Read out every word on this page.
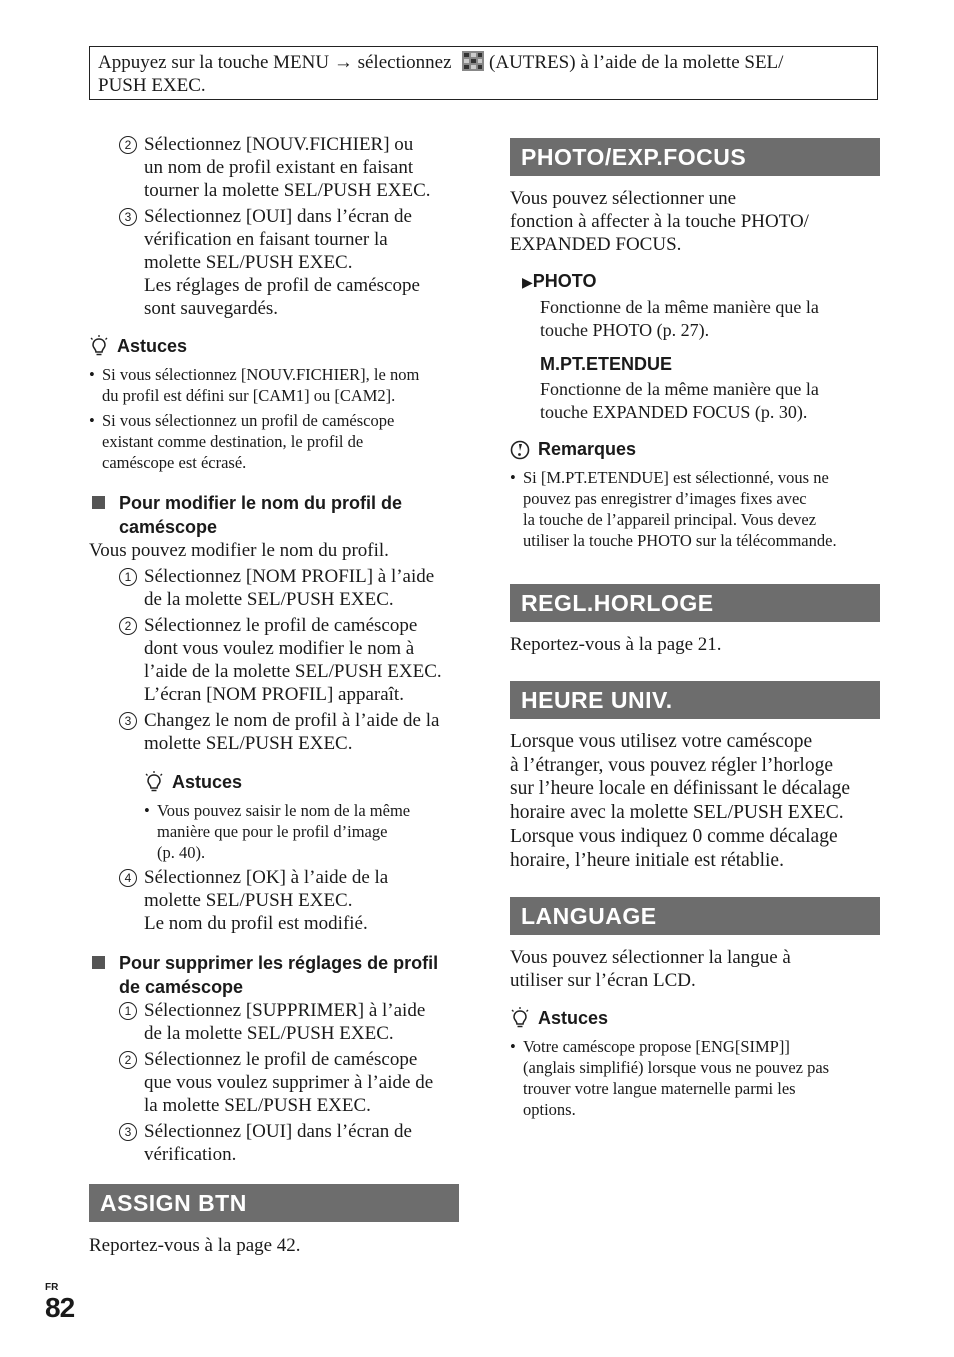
Appuyez sur la touche MENU → sélectionnez (AUTRES) à l’aide de la molette SEL/
PUSH EXEC.
2 Sélectionnez [NOUV.FICHIER] ou
un nom de profil existant en faisant
tourner la molette SEL/PUSH EXEC.
3 Sélectionnez [OUI] dans l’écran de
vérification en faisant tourner la
molette SEL/PUSH EXEC.
Les réglages de profil de caméscope
sont sauvegardés.
Astuces
• Si vous sélectionnez [NOUV.FICHIER], le nom
du profil est défini sur [CAM1] ou [CAM2].
• Si vous sélectionnez un profil de caméscope
existant comme destination, le profil de
caméscope est écrasé.
Pour modifier le nom du profil de
caméscope
Vous pouvez modifier le nom du profil.
1 Sélectionnez [NOM PROFIL] à l’aide
de la molette SEL/PUSH EXEC.
2 Sélectionnez le profil de caméscope
dont vous voulez modifier le nom à
l’aide de la molette SEL/PUSH EXEC.
L’écran [NOM PROFIL] apparaît.
3 Changez le nom de profil à l’aide de la
molette SEL/PUSH EXEC.
Astuces
• Vous pouvez saisir le nom de la même
manière que pour le profil d’image
(p. 40).
4 Sélectionnez [OK] à l’aide de la
molette SEL/PUSH EXEC.
Le nom du profil est modifié.
Pour supprimer les réglages de profil
de caméscope
1 Sélectionnez [SUPPRIMER] à l’aide
de la molette SEL/PUSH EXEC.
2 Sélectionnez le profil de caméscope
que vous voulez supprimer à l’aide de
la molette SEL/PUSH EXEC.
3 Sélectionnez [OUI] dans l’écran de
vérification.
ASSIGN BTN
Reportez-vous à la page 42.
PHOTO/EXP.FOCUS
Vous pouvez sélectionner une
fonction à affecter à la touche PHOTO/
EXPANDED FOCUS.
▶PHOTO
Fonctionne de la même manière que la
touche PHOTO (p. 27).
M.PT.ETENDUE
Fonctionne de la même manière que la
touche EXPANDED FOCUS (p. 30).
Remarques
• Si [M.PT.ETENDUE] est sélectionné, vous ne
pouvez pas enregistrer d’images fixes avec
la touche de l’appareil principal. Vous devez
utiliser la touche PHOTO sur la télécommande.
REGL.HORLOGE
Reportez-vous à la page 21.
HEURE UNIV.
Lorsque vous utilisez votre caméscope
à l’étranger, vous pouvez régler l’horloge
sur l’heure locale en définissant le décalage
horaire avec la molette SEL/PUSH EXEC.
Lorsque vous indiquez 0 comme décalage
horaire, l’heure initiale est rétablie.
LANGUAGE
Vous pouvez sélectionner la langue à
utiliser sur l’écran LCD.
Astuces
• Votre caméscope propose [ENG[SIMP]]
(anglais simplifié) lorsque vous ne pouvez pas
trouver votre langue maternelle parmi les
options.
FR
82
